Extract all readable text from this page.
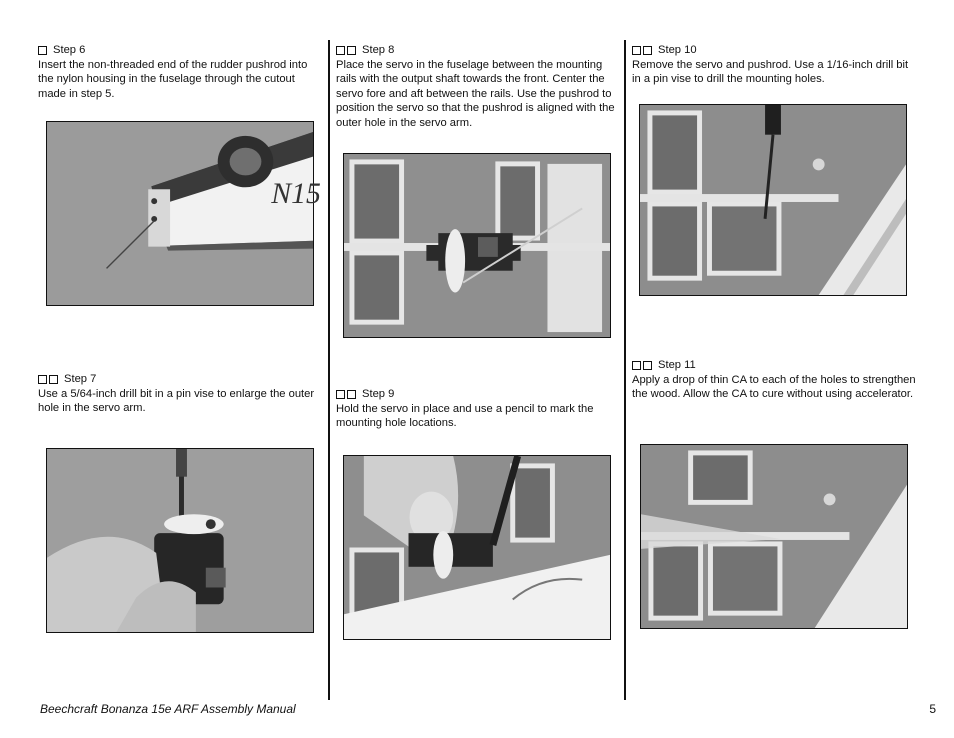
Step 6
Insert the non-threaded end of the rudder pushrod into the nylon housing in the fuselage through the cutout made in step 5.
N15
Step 7
Use a 5/64-inch drill bit in a pin vise to enlarge the outer hole in the servo arm.
Step 8
Place the servo in the fuselage between the mounting rails with the output shaft towards the front. Center the servo fore and aft between the rails. Use the pushrod to position the servo so that the pushrod is aligned with the outer hole in the servo arm.
Step 9
Hold the servo in place and use a pencil to mark the mounting hole locations.
Step 10
Remove the servo and pushrod. Use a 1/16-inch drill bit in a pin vise to drill the mounting holes.
Step 11
Apply a drop of thin CA to each of the holes to strengthen the wood. Allow the CA to cure without using accelerator.
Beechcraft Bonanza 15e ARF Assembly Manual	5
